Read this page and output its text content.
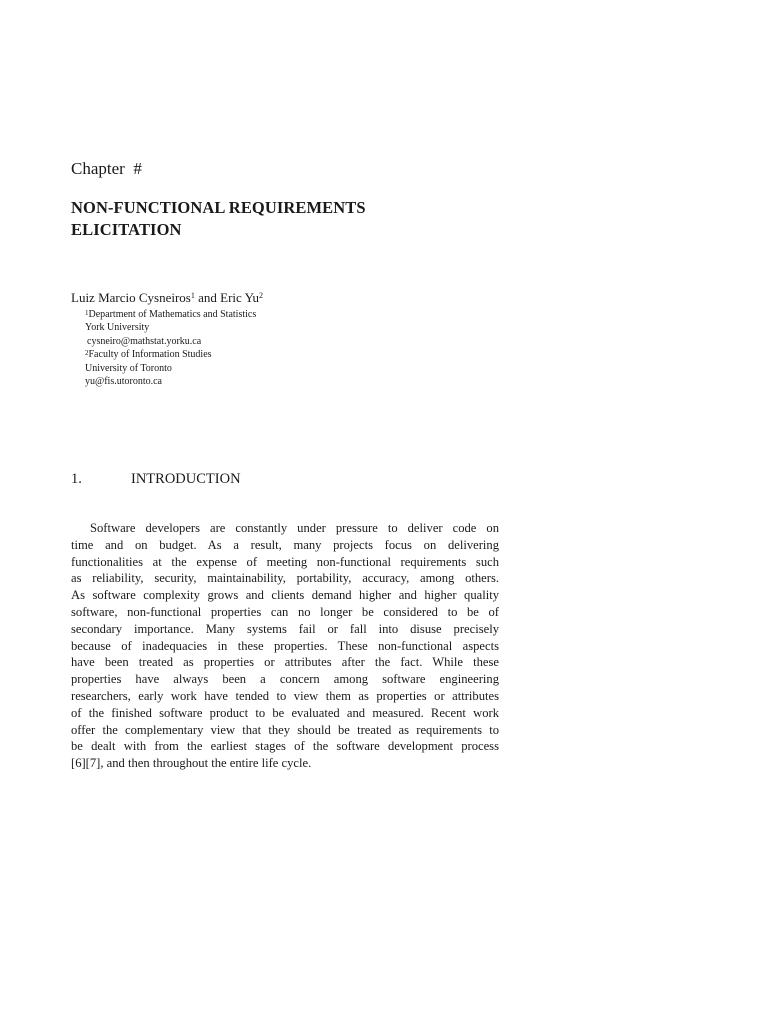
Chapter  #
NON-FUNCTIONAL REQUIREMENTS
ELICITATION
Luiz Marcio Cysneiros$^1$ and Eric Yu$^2$
$^1$Department of Mathematics and Statistics
York University
cysneiro@mathstat.yorku.ca
$^2$Faculty of Information Studies
University of Toronto
yu@fis.utoronto.ca
1.	INTRODUCTION
Software developers are constantly under pressure to deliver code on
time and on budget. As a result, many projects focus on delivering
functionalities at the expense of meeting non-functional requirements such
as reliability, security, maintainability, portability, accuracy, among others.
As software complexity grows and clients demand higher and higher quality
software, non-functional properties can no longer be considered to be of
secondary importance. Many systems fail or fall into disuse precisely
because of inadequacies in these properties. These non-functional aspects
have been treated as properties or attributes after the fact. While these
properties have always been a concern among software engineering
researchers, early work have tended to view them as properties or attributes
of the finished software product to be evaluated and measured. Recent work
offer the complementary view that they should be treated as requirements to
be dealt with from the earliest stages of the software development process
[6][7], and then throughout the entire life cycle.
